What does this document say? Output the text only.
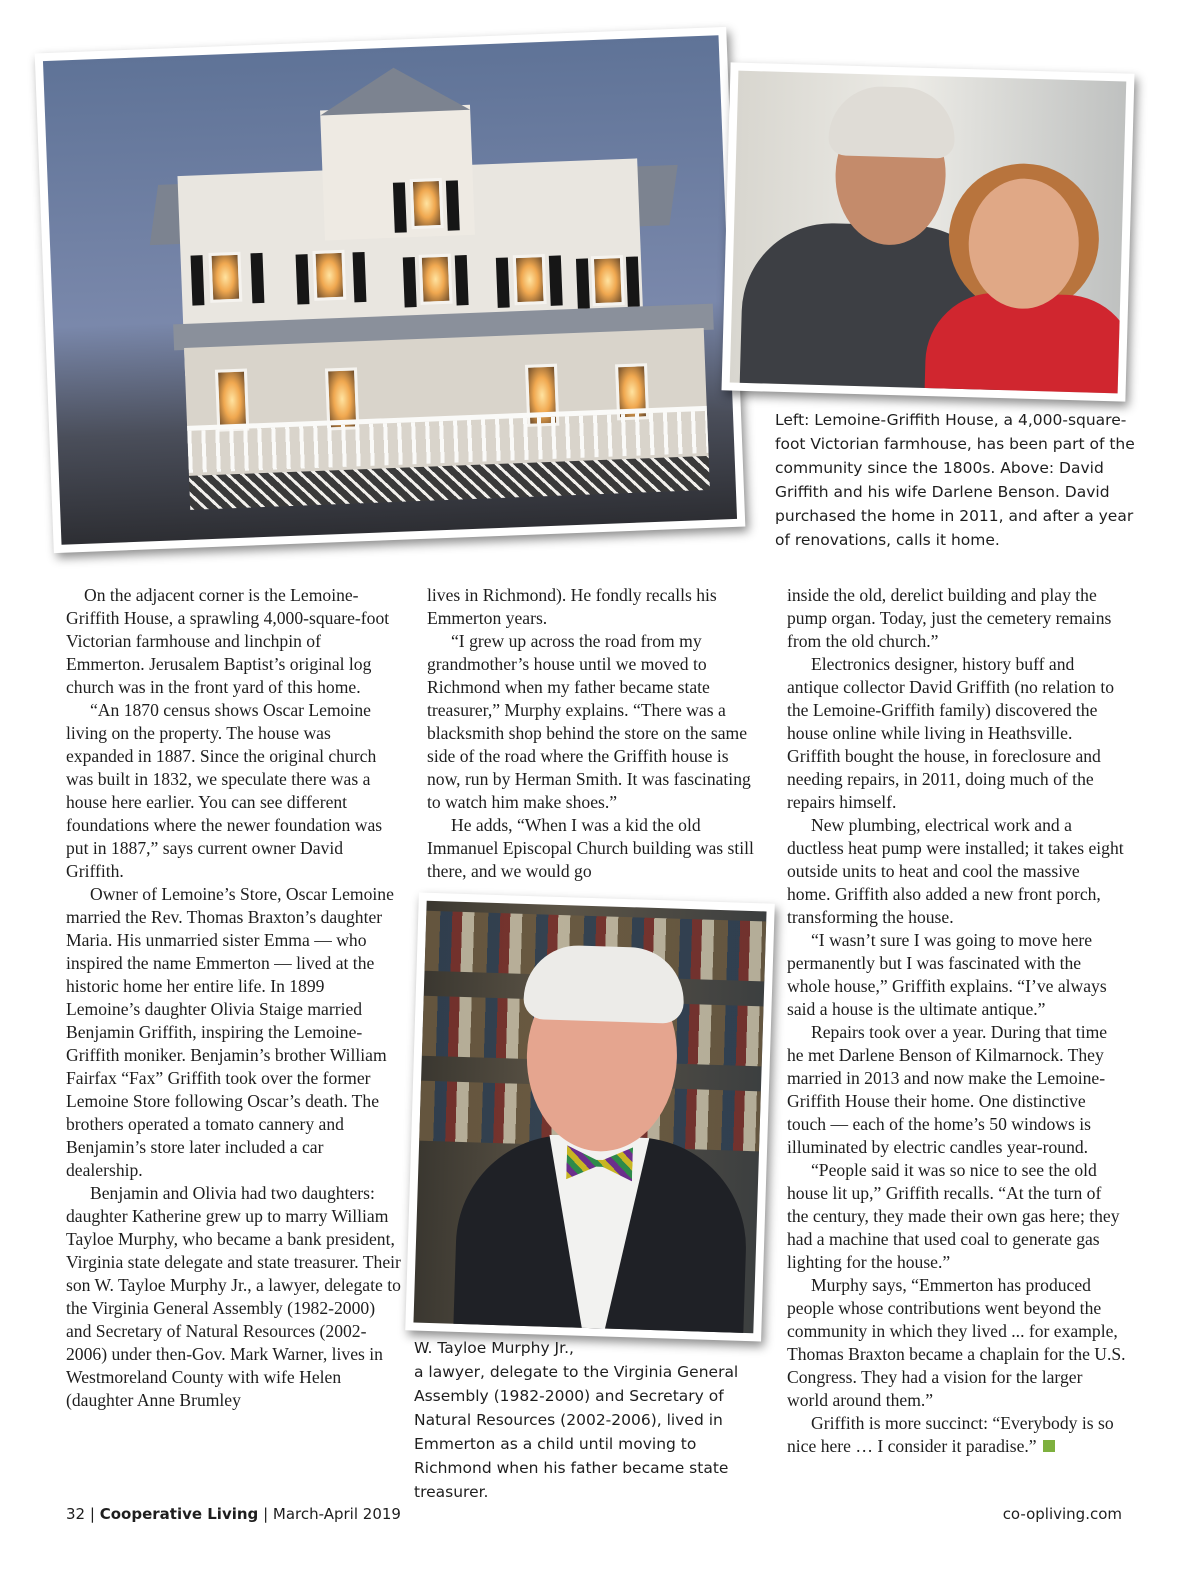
Left: Lemoine-Griffith House, a 4,000-square-foot Victorian farmhouse, has been part of the community since the 1800s. Above: David Griffith and his wife Darlene Benson. David purchased the home in 2011, and after a year of renovations, calls it home.

On the adjacent corner is the Lemoine-Griffith House, a sprawling 4,000-square-foot Victorian farmhouse and linchpin of Emmerton. Jerusalem Baptist’s original log church was in the front yard of this home.

“An 1870 census shows Oscar Lemoine living on the property. The house was expanded in 1887. Since the original church was built in 1832, we speculate there was a house here earlier. You can see different foundations where the newer foundation was put in 1887,” says current owner David Griffith.

Owner of Lemoine’s Store, Oscar Lemoine married the Rev. Thomas Braxton’s daughter Maria. His unmarried sister Emma — who inspired the name Emmerton — lived at the historic home her entire life. In 1899 Lemoine’s daughter Olivia Staige married Benjamin Griffith, inspiring the Lemoine-Griffith moniker. Benjamin’s brother William Fairfax “Fax” Griffith took over the former Lemoine Store following Oscar’s death. The brothers operated a tomato cannery and Benjamin’s store later included a car dealership.

Benjamin and Olivia had two daughters: daughter Katherine grew up to marry William Tayloe Murphy, who became a bank president, Virginia state delegate and state treasurer. Their son W. Tayloe Murphy Jr., a lawyer, delegate to the Virginia General Assembly (1982-2000) and Secretary of Natural Resources (2002-2006) under then-Gov. Mark Warner, lives in Westmoreland County with wife Helen (daughter Anne Brumley

lives in Richmond). He fondly recalls his Emmerton years.

“I grew up across the road from my grandmother’s house until we moved to Richmond when my father became state treasurer,” Murphy explains. “There was a blacksmith shop behind the store on the same side of the road where the Griffith house is now, run by Herman Smith. It was fascinating to watch him make shoes.”

He adds, “When I was a kid the old Immanuel Episcopal Church building was still there, and we would go

W. Tayloe Murphy Jr.,
a lawyer, delegate to the Virginia General Assembly (1982-2000) and Secretary of Natural Resources (2002-2006), lived in Emmerton as a child until moving to Richmond when his father became state treasurer.

inside the old, derelict building and play the pump organ. Today, just the cemetery remains from the old church.”

Electronics designer, history buff and antique collector David Griffith (no relation to the Lemoine-Griffith family) discovered the house online while living in Heathsville. Griffith bought the house, in foreclosure and needing repairs, in 2011, doing much of the repairs himself.

New plumbing, electrical work and a ductless heat pump were installed; it takes eight outside units to heat and cool the massive home. Griffith also added a new front porch, transforming the house.

“I wasn’t sure I was going to move here permanently but I was fascinated with the whole house,” Griffith explains. “I’ve always said a house is the ultimate antique.”

Repairs took over a year. During that time he met Darlene Benson of Kilmarnock. They married in 2013 and now make the Lemoine-Griffith House their home. One distinctive touch — each of the home’s 50 windows is illuminated by electric candles year-round.

“People said it was so nice to see the old house lit up,” Griffith recalls. “At the turn of the century, they made their own gas here; they had a machine that used coal to generate gas lighting for the house.”

Murphy says, “Emmerton has produced people whose contributions went beyond the community in which they lived ... for example, Thomas Braxton became a chaplain for the U.S. Congress. They had a vision for the larger world around them.”

Griffith is more succinct: “Everybody is so nice here … I consider it paradise.”

32 | Cooperative Living | March-April 2019	co-opliving.com
